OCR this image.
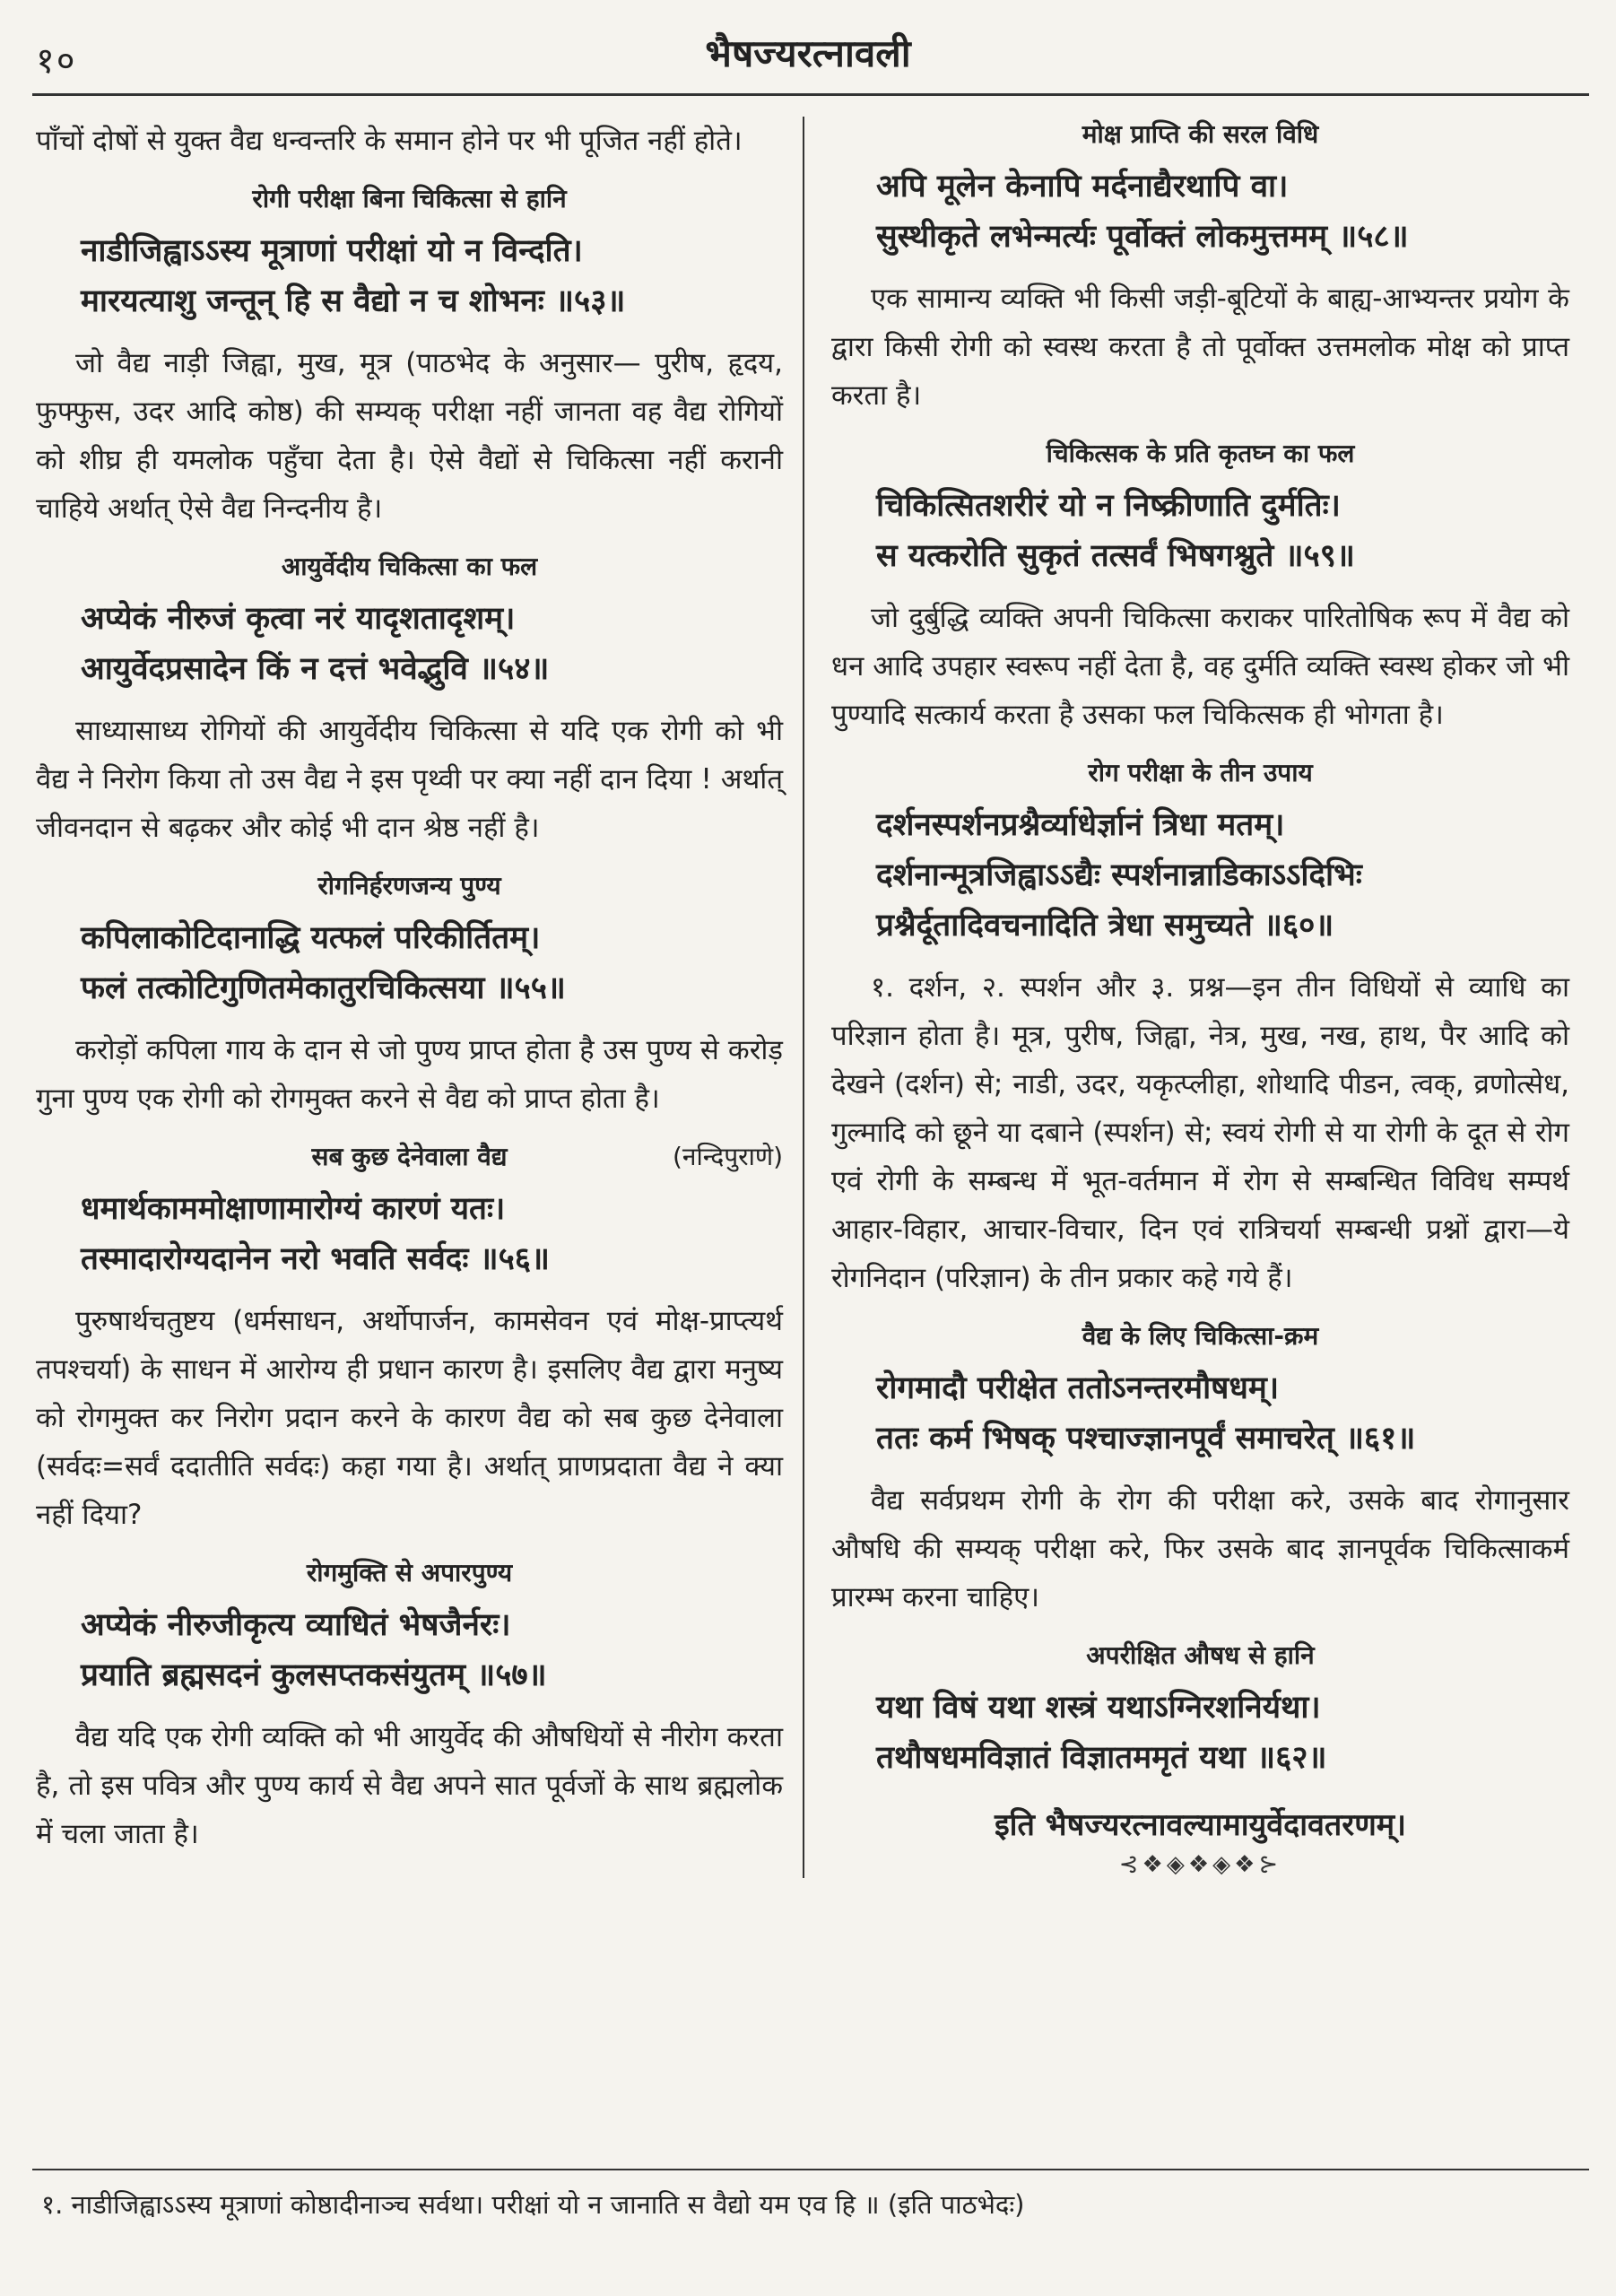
१०	भैषज्यरत्नावली

पाँचों दोषों से युक्त वैद्य धन्वन्तरि के समान होने पर भी पूजित नहीं होते।

रोगी परीक्षा बिना चिकित्सा से हानि
नाडीजिह्वाऽऽस्य मूत्राणां परीक्षां यो न विन्दति।
मारयत्याशु जन्तून् हि स वैद्यो न च शोभनः ॥५३॥

जो वैद्य नाड़ी जिह्वा, मुख, मूत्र (पाठभेद के अनुसार— पुरीष, हृदय, फुफ्फुस, उदर आदि कोष्ठ) की सम्यक् परीक्षा नहीं जानता वह वैद्य रोगियों को शीघ्र ही यमलोक पहुँचा देता है। ऐसे वैद्यों से चिकित्सा नहीं करानी चाहिये अर्थात् ऐसे वैद्य निन्दनीय है।

आयुर्वेदीय चिकित्सा का फल
अप्येकं नीरुजं कृत्वा नरं यादृशतादृशम्।
आयुर्वेदप्रसादेन किं न दत्तं भवेद्भुवि ॥५४॥

साध्यासाध्य रोगियों की आयुर्वेदीय चिकित्सा से यदि एक रोगी को भी वैद्य ने निरोग किया तो उस वैद्य ने इस पृथ्वी पर क्या नहीं दान दिया ! अर्थात् जीवनदान से बढ़कर और कोई भी दान श्रेष्ठ नहीं है।

रोगनिर्हरणजन्य पुण्य
कपिलाकोटिदानाद्धि यत्फलं परिकीर्तितम्।
फलं तत्कोटिगुणितमेकातुरचिकित्सया ॥५५॥

करोड़ों कपिला गाय के दान से जो पुण्य प्राप्त होता है उस पुण्य से करोड़ गुना पुण्य एक रोगी को रोगमुक्त करने से वैद्य को प्राप्त होता है।

सब कुछ देनेवाला वैद्य	(नन्दिपुराणे)
धमार्थकाममोक्षाणामारोग्यं कारणं यतः।
तस्मादारोग्यदानेन नरो भवति सर्वदः ॥५६॥

पुरुषार्थचतुष्टय (धर्मसाधन, अर्थोपार्जन, कामसेवन एवं मोक्ष-प्राप्त्यर्थ तपश्चर्या) के साधन में आरोग्य ही प्रधान कारण है। इसलिए वैद्य द्वारा मनुष्य को रोगमुक्त कर निरोग प्रदान करने के कारण वैद्य को सब कुछ देनेवाला (सर्वदः=सर्वं ददातीति सर्वदः) कहा गया है। अर्थात् प्राणप्रदाता वैद्य ने क्या नहीं दिया?

रोगमुक्ति से अपारपुण्य
अप्येकं नीरुजीकृत्य व्याधितं भेषजैर्नरः।
प्रयाति ब्रह्मसदनं कुलसप्तकसंयुतम् ॥५७॥

वैद्य यदि एक रोगी व्यक्ति को भी आयुर्वेद की औषधियों से नीरोग करता है, तो इस पवित्र और पुण्य कार्य से वैद्य अपने सात पूर्वजों के साथ ब्रह्मलोक में चला जाता है।

मोक्ष प्राप्ति की सरल विधि
अपि मूलेन केनापि मर्दनाद्यैरथापि वा।
सुस्थीकृते लभेन्मर्त्यः पूर्वोक्तं लोकमुत्तमम् ॥५८॥

एक सामान्य व्यक्ति भी किसी जड़ी-बूटियों के बाह्य-आभ्यन्तर प्रयोग के द्वारा किसी रोगी को स्वस्थ करता है तो पूर्वोक्त उत्तमलोक मोक्ष को प्राप्त करता है।

चिकित्सक के प्रति कृतघ्न का फल
चिकित्सितशरीरं यो न निष्क्रीणाति दुर्मतिः।
स यत्करोति सुकृतं तत्सर्वं भिषगश्नुते ॥५९॥

जो दुर्बुद्धि व्यक्ति अपनी चिकित्सा कराकर पारितोषिक रूप में वैद्य को धन आदि उपहार स्वरूप नहीं देता है, वह दुर्मति व्यक्ति स्वस्थ होकर जो भी पुण्यादि सत्कार्य करता है उसका फल चिकित्सक ही भोगता है।

रोग परीक्षा के तीन उपाय
दर्शनस्पर्शनप्रश्नैर्व्याधेर्ज्ञानं त्रिधा मतम्।
दर्शनान्मूत्रजिह्वाऽऽद्यैः स्पर्शनान्नाडिकाऽऽदिभिः
प्रश्नैर्दूतादिवचनादिति त्रेधा समुच्यते ॥६०॥

१. दर्शन, २. स्पर्शन और ३. प्रश्न—इन तीन विधियों से व्याधि का परिज्ञान होता है। मूत्र, पुरीष, जिह्वा, नेत्र, मुख, नख, हाथ, पैर आदि को देखने (दर्शन) से; नाडी, उदर, यकृत्प्लीहा, शोथादि पीडन, त्वक्, व्रणोत्सेध, गुल्मादि को छूने या दबाने (स्पर्शन) से; स्वयं रोगी से या रोगी के दूत से रोग एवं रोगी के सम्बन्ध में भूत-वर्तमान में रोग से सम्बन्धित विविध सम्पर्थ आहार-विहार, आचार-विचार, दिन एवं रात्रिचर्या सम्बन्धी प्रश्नों द्वारा—ये रोगनिदान (परिज्ञान) के तीन प्रकार कहे गये हैं।

वैद्य के लिए चिकित्सा-क्रम
रोगमादौ परीक्षेत ततोऽनन्तरमौषधम्।
ततः कर्म भिषक् पश्चाज्ज्ञानपूर्वं समाचरेत् ॥६१॥

वैद्य सर्वप्रथम रोगी के रोग की परीक्षा करे, उसके बाद रोगानुसार औषधि की सम्यक् परीक्षा करे, फिर उसके बाद ज्ञानपूर्वक चिकित्साकर्म प्रारम्भ करना चाहिए।

अपरीक्षित औषध से हानि
यथा विषं यथा शस्त्रं यथाऽग्निरशनिर्यथा।
तथौषधमविज्ञातं विज्ञातममृतं यथा ॥६२॥
इति भैषज्यरत्नावल्यामायुर्वेदावतरणम्।
⊰❖◈❖◈❖⊱
१. नाडीजिह्वाऽऽस्य मूत्राणां कोष्ठादीनाञ्च सर्वथा। परीक्षां यो न जानाति स वैद्यो यम एव हि ॥ (इति पाठभेदः)
